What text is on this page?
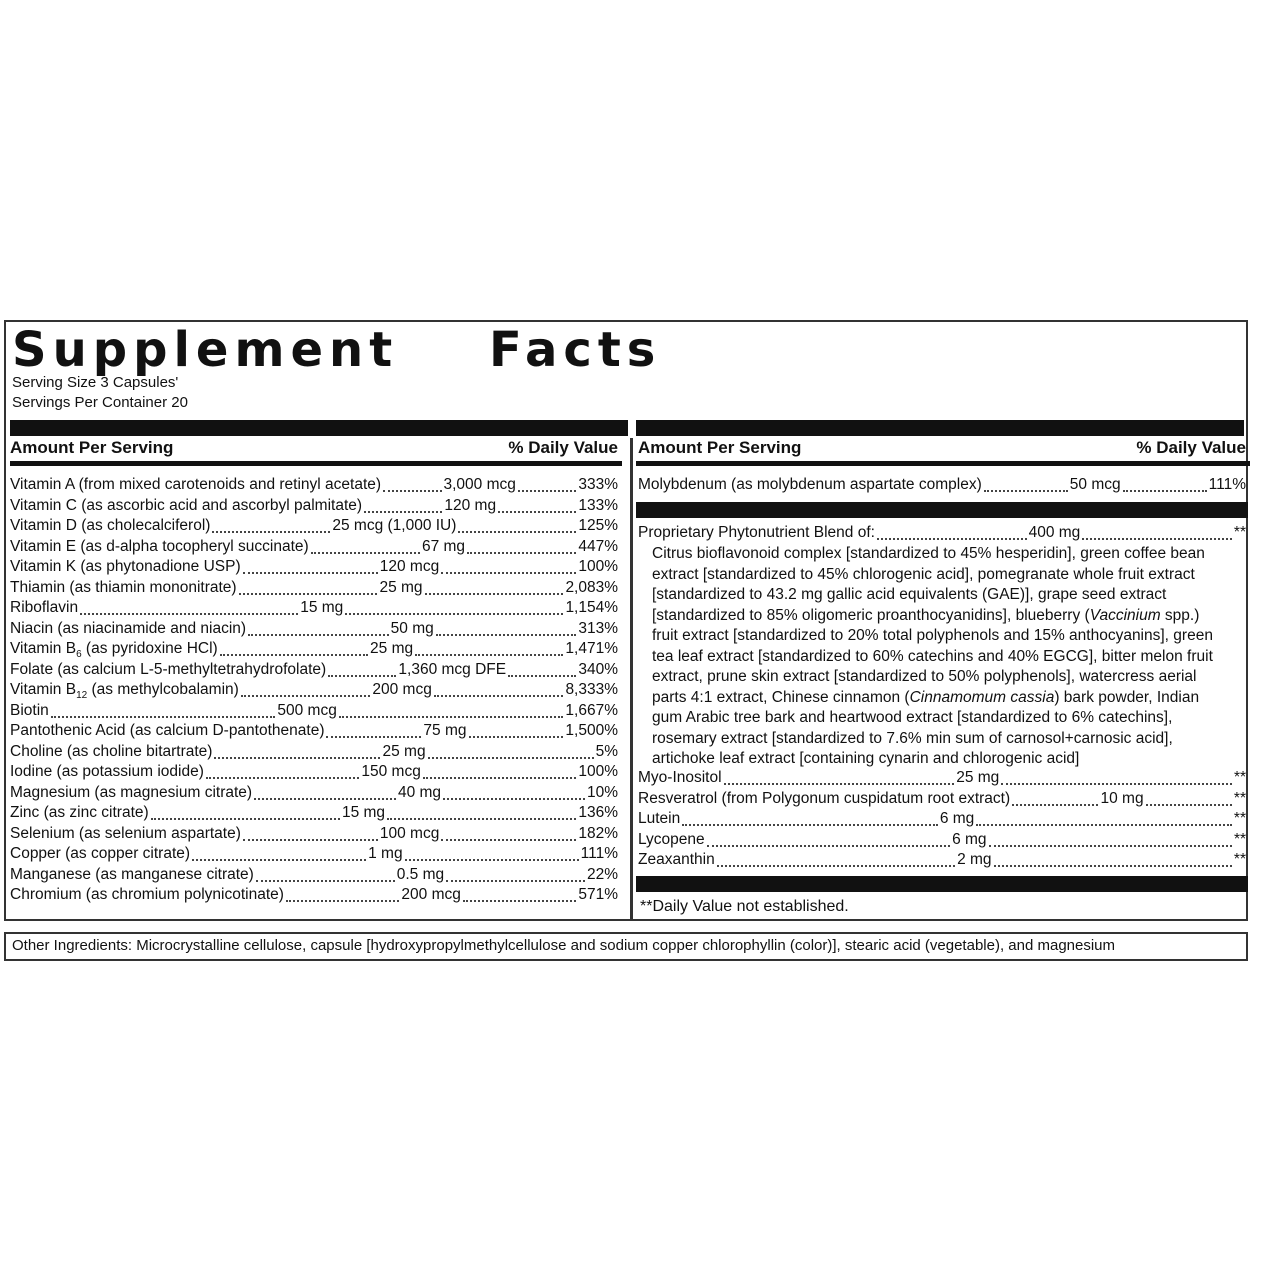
Supplement    Facts
Serving Size 3 Capsules'
Servings Per Container 20
Amount Per Serving	% Daily Value
Vitamin A (from mixed carotenoids and retinyl acetate)	3,000 mcg	333%
Vitamin C (as ascorbic acid and ascorbyl palmitate)	120 mg	133%
Vitamin D (as cholecalciferol)	25 mcg (1,000 IU)	125%
Vitamin E (as d-alpha tocopheryl succinate)	67 mg	447%
Vitamin K (as phytonadione USP)	120 mcg	100%
Thiamin (as thiamin mononitrate)	25 mg	2,083%
Riboflavin	15 mg	1,154%
Niacin (as niacinamide and niacin)	50 mg	313%
Vitamin $B_6$ (as pyridoxine HCl)	25 mg	1,471%
Folate (as calcium L-5-methyltetrahydrofolate)	1,360 mcg DFE	340%
Vitamin $B_{12}$ (as methylcobalamin)	200 mcg	8,333%
Biotin	500 mcg	1,667%
Pantothenic Acid (as calcium D-pantothenate)	75 mg	1,500%
Choline (as choline bitartrate)	25 mg	5%
Iodine (as potassium iodide)	150 mcg	100%
Magnesium (as magnesium citrate)	40 mg	10%
Zinc (as zinc citrate)	15 mg	136%
Selenium (as selenium aspartate)	100 mcg	182%
Copper (as copper citrate)	1 mg	111%
Manganese (as manganese citrate)	0.5 mg	22%
Chromium (as chromium polynicotinate)	200 mcg	571%
Amount Per Serving	% Daily Value
Molybdenum (as molybdenum aspartate complex)	50 mcg	111%
Proprietary Phytonutrient Blend of:	400 mg	**
Citrus bioflavonoid complex [standardized to 45% hesperidin], green coffee bean
extract [standardized to 45% chlorogenic acid], pomegranate whole fruit extract
[standardized to 43.2 mg gallic acid equivalents (GAE)], grape seed extract
[standardized to 85% oligomeric proanthocyanidins], blueberry (Vaccinium spp.)
fruit extract [standardized to 20% total polyphenols and 15% anthocyanins], green
tea leaf extract [standardized to 60% catechins and 40% EGCG], bitter melon fruit
extract, prune skin extract [standardized to 50% polyphenols], watercress aerial
parts 4:1 extract, Chinese cinnamon (Cinnamomum cassia) bark powder, Indian
gum Arabic tree bark and heartwood extract [standardized to 6% catechins],
rosemary extract [standardized to 7.6% min sum of carnosol+carnosic acid],
artichoke leaf extract [containing cynarin and chlorogenic acid]
Myo-Inositol	25 mg	**
Resveratrol (from Polygonum cuspidatum root extract)	10 mg	**
Lutein	6 mg	**
Lycopene	6 mg	**
Zeaxanthin	2 mg	**
**Daily Value not established.
Other Ingredients: Microcrystalline cellulose, capsule [hydroxypropylmethylcellulose and sodium copper chlorophyllin (color)], stearic acid (vegetable), and magnesium
